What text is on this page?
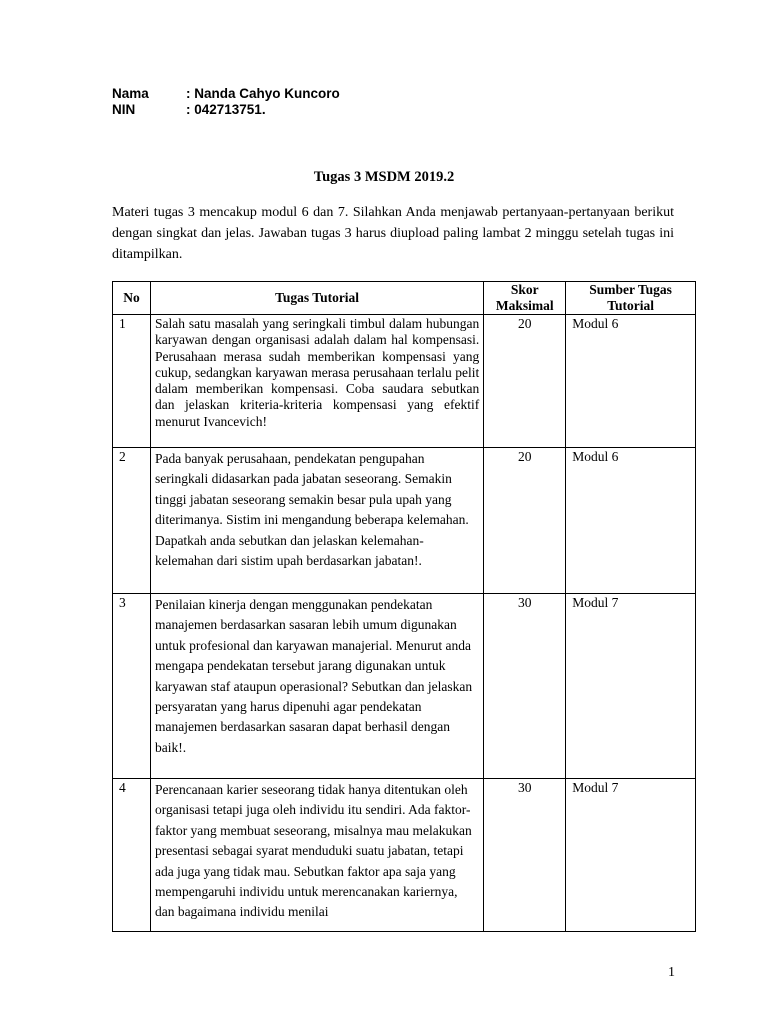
Nama	: Nanda Cahyo Kuncoro
NIN	: 042713751.
Tugas 3 MSDM 2019.2

Materi tugas 3 mencakup modul 6 dan 7. Silahkan Anda menjawab pertanyaan-pertanyaan berikut dengan singkat dan jelas. Jawaban tugas 3 harus diupload paling lambat 2 minggu setelah tugas ini ditampilkan.

No	Tugas Tutorial	Skor Maksimal	Sumber Tugas Tutorial
1	Salah satu masalah yang seringkali timbul dalam hubungan karyawan dengan organisasi adalah dalam hal kompensasi. Perusahaan merasa sudah memberikan kompensasi yang cukup, sedangkan karyawan merasa perusahaan terlalu pelit dalam memberikan kompensasi. Coba saudara sebutkan dan jelaskan kriteria-kriteria kompensasi yang efektif menurut Ivancevich!	20	Modul 6
2	Pada banyak perusahaan, pendekatan pengupahan seringkali didasarkan pada jabatan seseorang. Semakin tinggi jabatan seseorang semakin besar pula upah yang diterimanya. Sistim ini mengandung beberapa kelemahan. Dapatkah anda sebutkan dan jelaskan kelemahan-kelemahan dari sistim upah berdasarkan jabatan!.	20	Modul 6
3	Penilaian kinerja dengan menggunakan pendekatan manajemen berdasarkan sasaran lebih umum digunakan untuk profesional dan karyawan manajerial. Menurut anda mengapa pendekatan tersebut jarang digunakan untuk karyawan staf ataupun operasional? Sebutkan dan jelaskan persyaratan yang harus dipenuhi agar pendekatan manajemen berdasarkan sasaran dapat berhasil dengan baik!.	30	Modul 7
4	Perencanaan karier seseorang tidak hanya ditentukan oleh organisasi tetapi juga oleh individu itu sendiri. Ada faktor-faktor yang membuat seseorang, misalnya mau melakukan presentasi sebagai syarat menduduki suatu jabatan, tetapi ada juga yang tidak mau. Sebutkan faktor apa saja yang mempengaruhi individu untuk merencanakan kariernya, dan bagaimana individu menilai	30	Modul 7
1
